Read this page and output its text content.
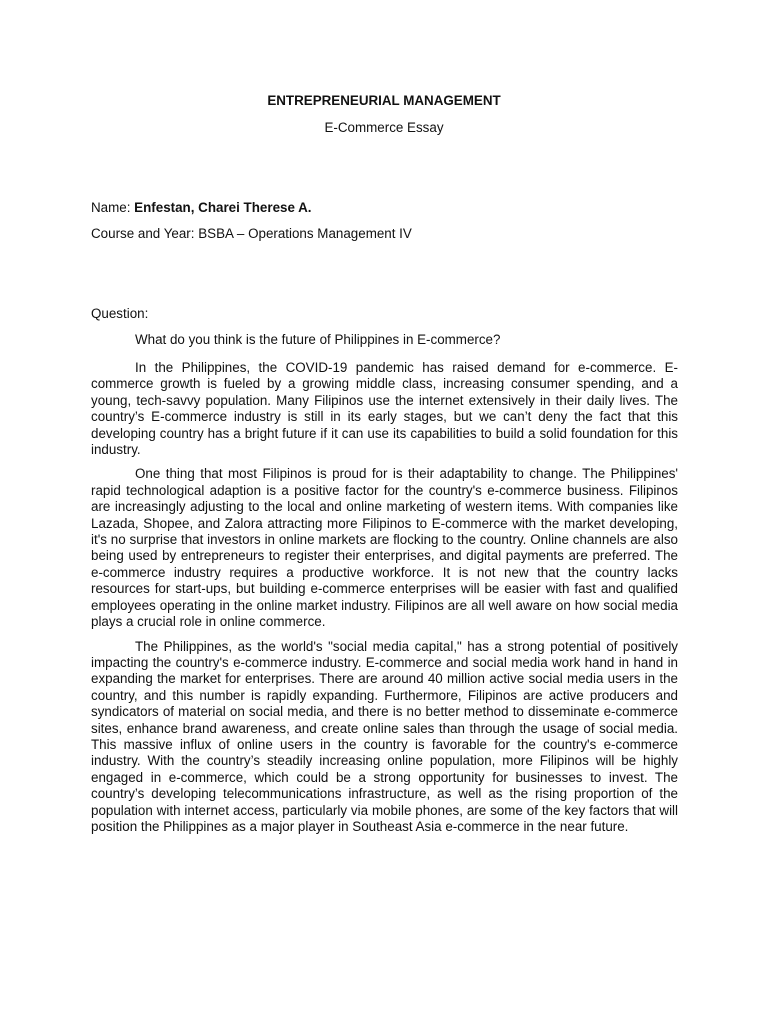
ENTREPRENEURIAL MANAGEMENT
E-Commerce Essay
Name: Enfestan, Charei Therese A.
Course and Year: BSBA – Operations Management IV
Question:
What do you think is the future of Philippines in E-commerce?

In the Philippines, the COVID-19 pandemic has raised demand for e-commerce. E-commerce growth is fueled by a growing middle class, increasing consumer spending, and a young, tech-savvy population. Many Filipinos use the internet extensively in their daily lives. The country’s E-commerce industry is still in its early stages, but we can’t deny the fact that this developing country has a bright future if it can use its capabilities to build a solid foundation for this industry.

One thing that most Filipinos is proud for is their adaptability to change. The Philippines' rapid technological adaption is a positive factor for the country's e-commerce business. Filipinos are increasingly adjusting to the local and online marketing of western items. With companies like Lazada, Shopee, and Zalora attracting more Filipinos to E-commerce with the market developing, it's no surprise that investors in online markets are flocking to the country. Online channels are also being used by entrepreneurs to register their enterprises, and digital payments are preferred. The e-commerce industry requires a productive workforce. It is not new that the country lacks resources for start-ups, but building e-commerce enterprises will be easier with fast and qualified employees operating in the online market industry. Filipinos are all well aware on how social media plays a crucial role in online commerce.

The Philippines, as the world's "social media capital," has a strong potential of positively impacting the country's e-commerce industry. E-commerce and social media work hand in hand in expanding the market for enterprises. There are around 40 million active social media users in the country, and this number is rapidly expanding. Furthermore, Filipinos are active producers and syndicators of material on social media, and there is no better method to disseminate e-commerce sites, enhance brand awareness, and create online sales than through the usage of social media. This massive influx of online users in the country is favorable for the country's e-commerce industry. With the country’s steadily increasing online population, more Filipinos will be highly engaged in e-commerce, which could be a strong opportunity for businesses to invest. The country’s developing telecommunications infrastructure, as well as the rising proportion of the population with internet access, particularly via mobile phones, are some of the key factors that will position the Philippines as a major player in Southeast Asia e-commerce in the near future.
